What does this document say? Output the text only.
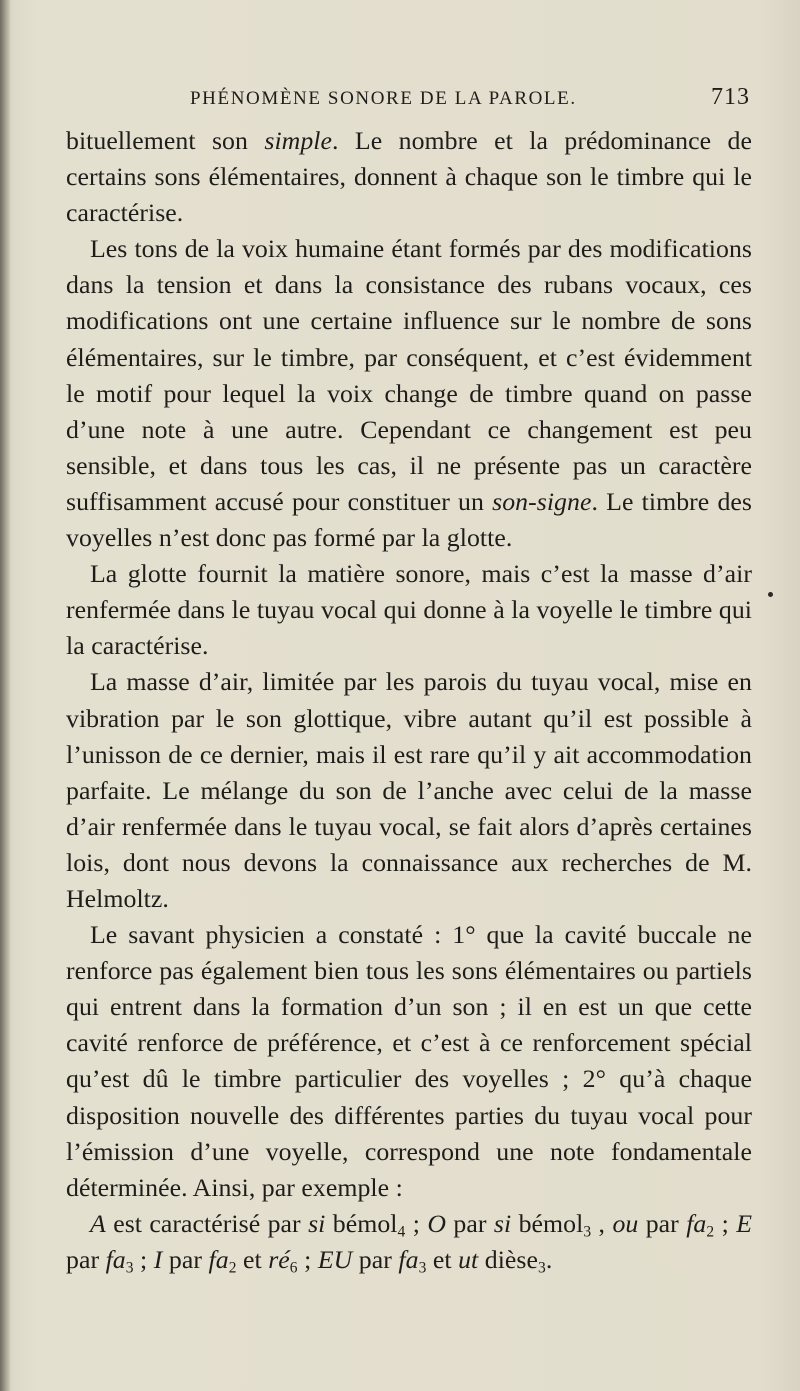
PHÉNOMÈNE SONORE DE LA PAROLE.	713

bituellement son simple. Le nombre et la prédominance de certains sons élémentaires, donnent à chaque son le timbre qui le caractérise.

Les tons de la voix humaine étant formés par des modifications dans la tension et dans la consistance des rubans vocaux, ces modifications ont une certaine influence sur le nombre de sons élémentaires, sur le timbre, par conséquent, et c’est évidemment le motif pour lequel la voix change de timbre quand on passe d’une note à une autre. Cependant ce changement est peu sensible, et dans tous les cas, il ne présente pas un caractère suffisamment accusé pour constituer un son-signe. Le timbre des voyelles n’est donc pas formé par la glotte.

La glotte fournit la matière sonore, mais c’est la masse d’air renfermée dans le tuyau vocal qui donne à la voyelle le timbre qui la caractérise.

La masse d’air, limitée par les parois du tuyau vocal, mise en vibration par le son glottique, vibre autant qu’il est possible à l’unisson de ce dernier, mais il est rare qu’il y ait accommodation parfaite. Le mélange du son de l’anche avec celui de la masse d’air renfermée dans le tuyau vocal, se fait alors d’après certaines lois, dont nous devons la connaissance aux recherches de M. Helmoltz.

Le savant physicien a constaté : 1° que la cavité buccale ne renforce pas également bien tous les sons élémentaires ou partiels qui entrent dans la formation d’un son ; il en est un que cette cavité renforce de préférence, et c’est à ce renforcement spécial qu’est dû le timbre particulier des voyelles ; 2° qu’à chaque disposition nouvelle des différentes parties du tuyau vocal pour l’émission d’une voyelle, correspond une note fondamentale déterminée. Ainsi, par exemple :

A est caractérisé par si bémol$_4$ ; O par si bémol$_3$ , ou par $fa_2$ ; E par $fa_3$ ; I par $fa_2$ et $ré_6$ ; EU par $fa_3$ et ut dièse$_3$.
